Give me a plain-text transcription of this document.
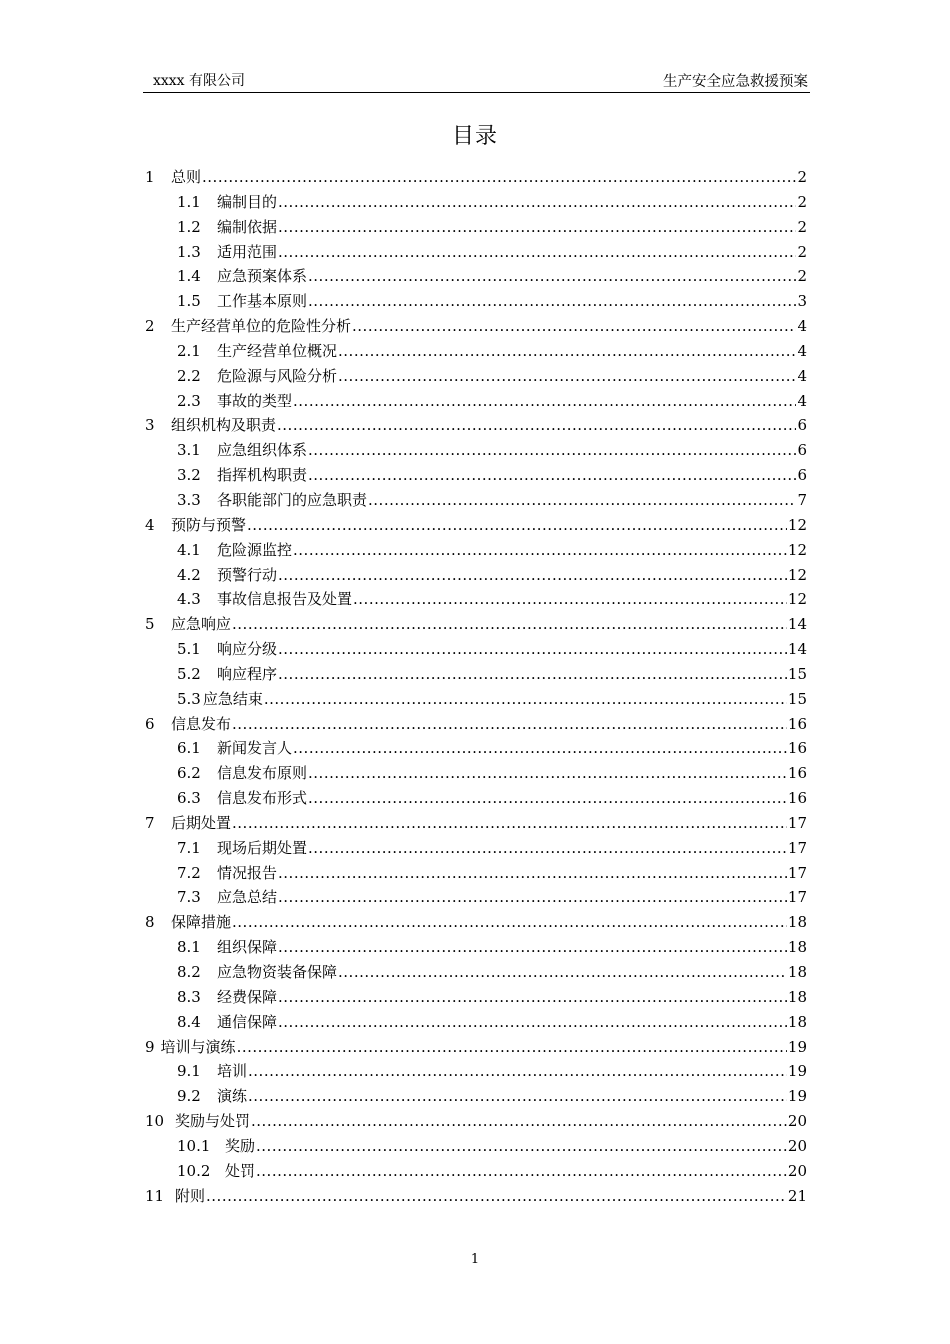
xxxx 有限公司	生产安全应急救援预案
目录
1	总则 .....	2
1.1	编制目的 .....	2
1.2	编制依据 .....	2
1.3	适用范围 .....	2
1.4	应急预案体系 .....	2
1.5	工作基本原则 .....	3
2	生产经营单位的危险性分析 .....	4
2.1	生产经营单位概况 .....	4
2.2	危险源与风险分析 .....	4
2.3	事故的类型 .....	4
3	组织机构及职责 .....	6
3.1	应急组织体系 .....	6
3.2	指挥机构职责 .....	6
3.3	各职能部门的应急职责 .....	7
4	预防与预警 .....	12
4.1	危险源监控 .....	12
4.2	预警行动 .....	12
4.3	事故信息报告及处置 .....	12
5	应急响应 .....	14
5.1	响应分级 .....	14
5.2	响应程序 .....	15
5.3 应急结束 .....	15
6	信息发布 .....	16
6.1	新闻发言人 .....	16
6.2	信息发布原则 .....	16
6.3	信息发布形式 .....	16
7	后期处置 .....	17
7.1	现场后期处置 .....	17
7.2	情况报告 .....	17
7.3	应急总结 .....	17
8	保障措施 .....	18
8.1	组织保障 .....	18
8.2	应急物资装备保障 .....	18
8.3	经费保障 .....	18
8.4	通信保障 .....	18
9 培训与演练 .....	19
9.1	培训 .....	19
9.2	演练 .....	19
10 奖励与处罚 .....	20
10.1 奖励 .....	20
10.2 处罚 .....	20
11 附则 .....	21
1
